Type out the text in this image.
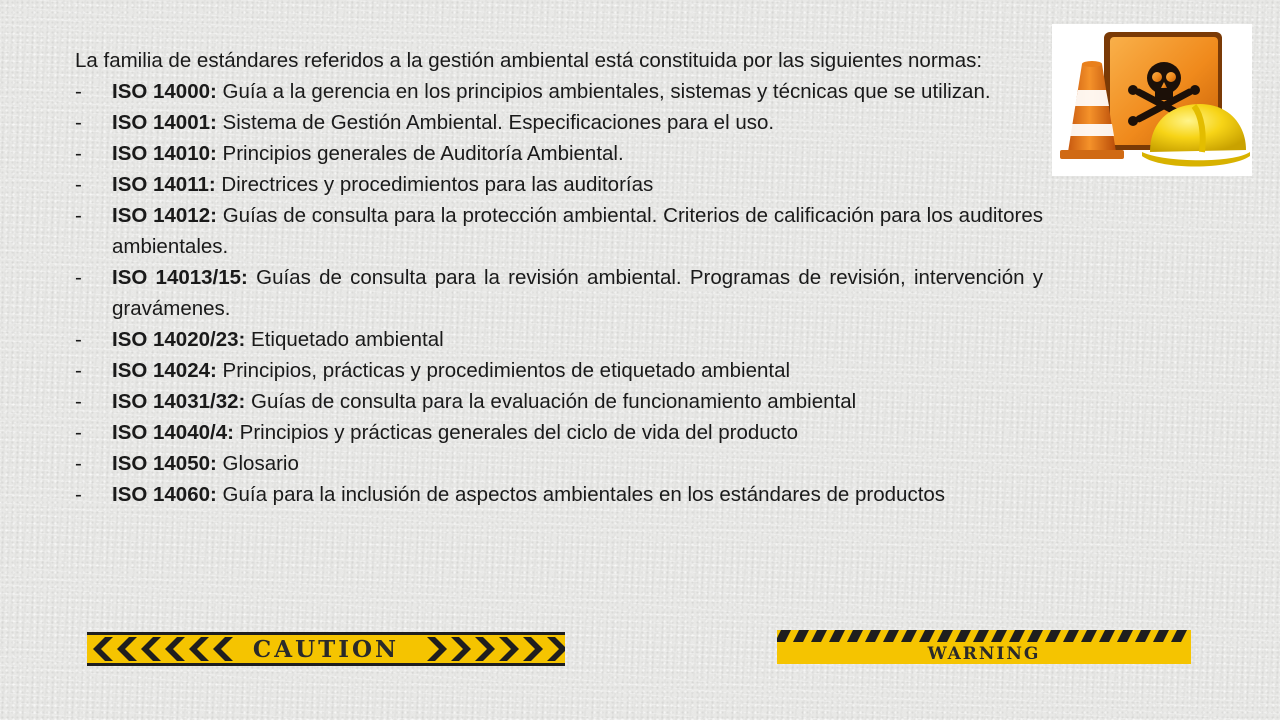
La familia de estándares referidos a la gestión ambiental está constituida por las siguientes normas:

- ISO 14000: Guía a la gerencia en los principios ambientales, sistemas y técnicas que se utilizan.
- ISO 14001: Sistema de Gestión Ambiental. Especificaciones para el uso.
- ISO 14010: Principios generales de Auditoría Ambiental.
- ISO 14011: Directrices y procedimientos para las auditorías
- ISO 14012: Guías de consulta para la protección ambiental. Criterios de calificación para los auditores ambientales.
- ISO 14013/15: Guías de consulta para la revisión ambiental. Programas de revisión, intervención y gravámenes.
- ISO 14020/23: Etiquetado ambiental
- ISO 14024: Principios, prácticas y procedimientos de etiquetado ambiental
- ISO 14031/32: Guías de consulta para la evaluación de funcionamiento ambiental
- ISO 14040/4: Principios y prácticas generales del ciclo de vida del producto
- ISO 14050: Glosario
- ISO 14060: Guía para la inclusión de aspectos ambientales en los estándares de productos
CAUTION	WARNING
